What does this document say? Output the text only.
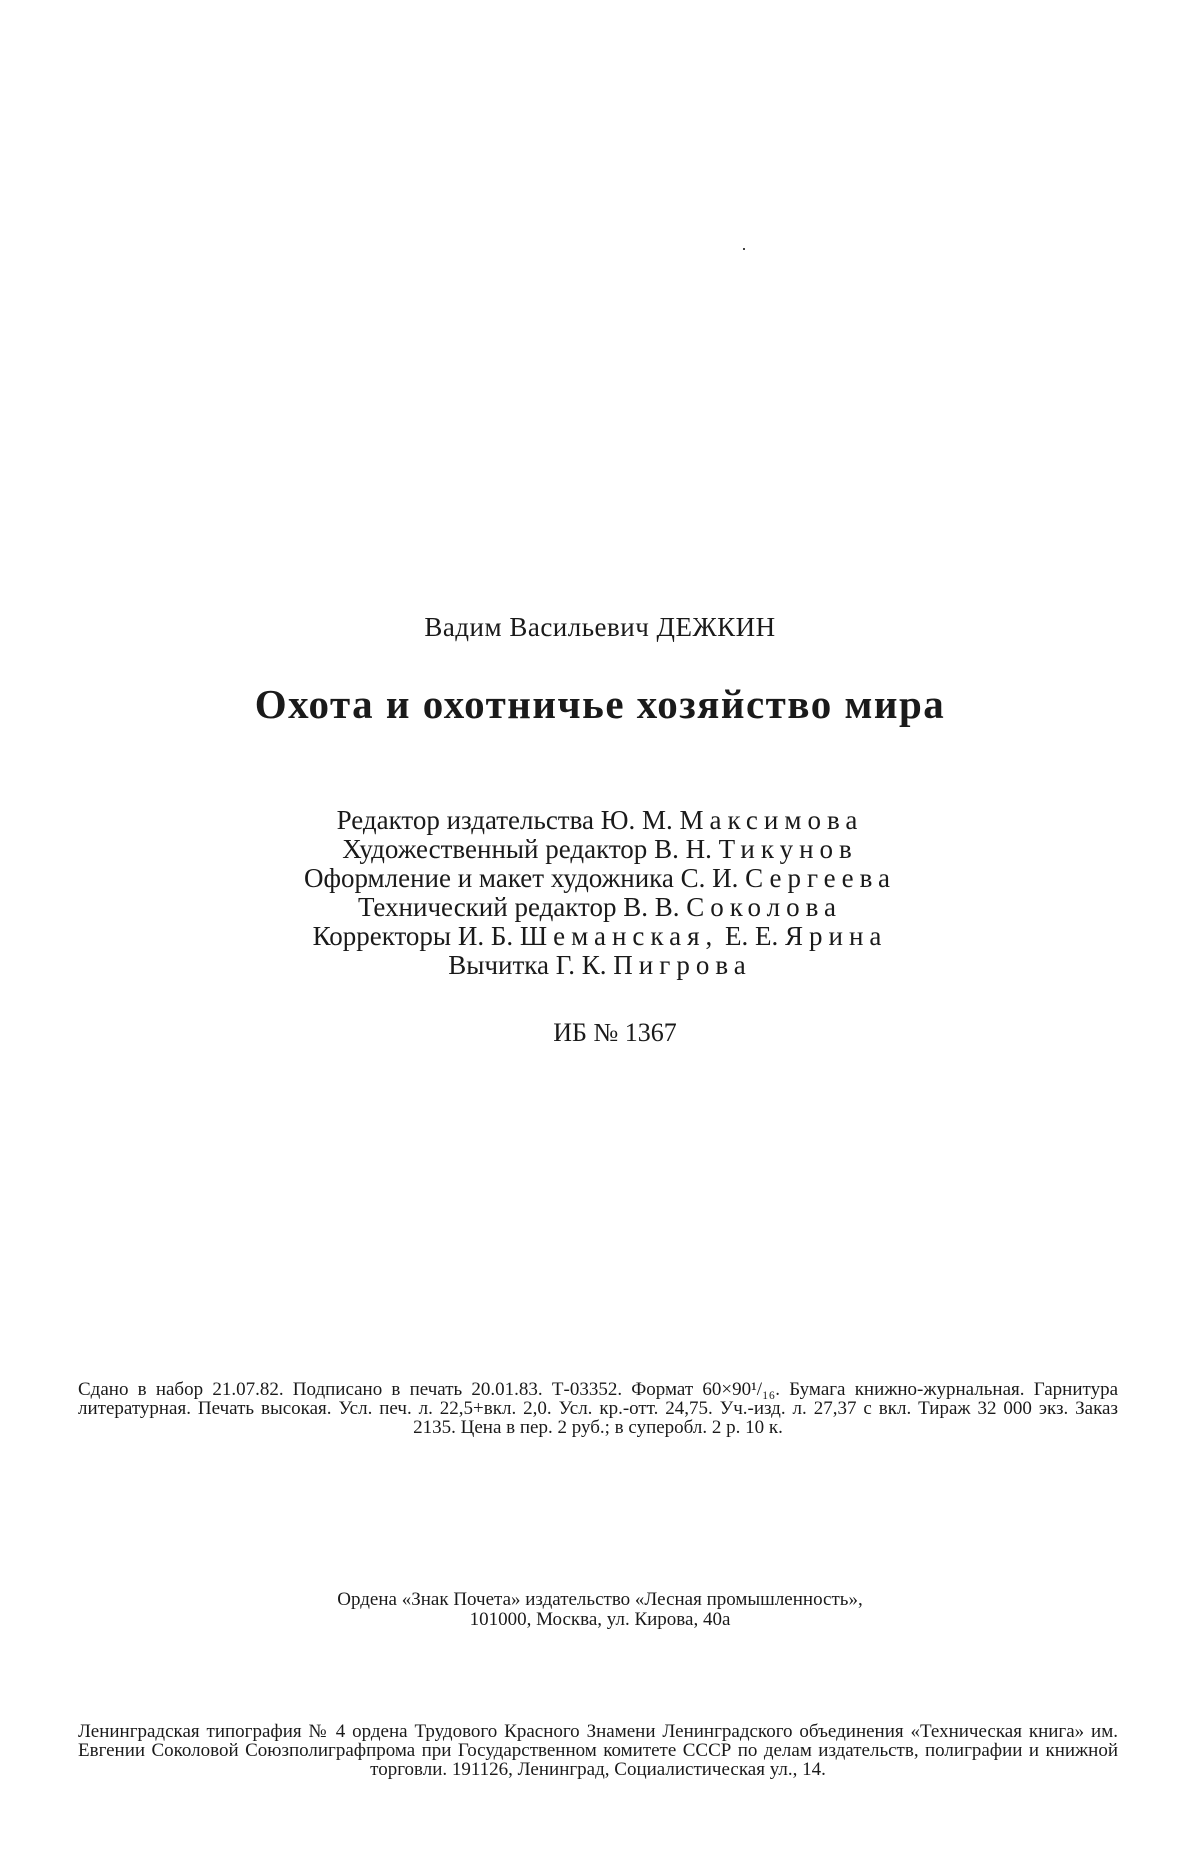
Вадим Васильевич ДЕЖКИН
Охота и охотничье хозяйство мира
Редактор издательства Ю. М. Максимова
Художественный редактор В. Н. Тикунов
Оформление и макет художника С. И. Сергеева
Технический редактор В. В. Соколова
Корректоры И. Б. Шеманская, Е. Е. Ярина
Вычитка Г. К. Пигрова
ИБ № 1367
Сдано в набор 21.07.82. Подписано в печать 20.01.83. Т-03352. Формат 60×90¹/₁₆. Бумага книжно-журнальная. Гарнитура литературная. Печать высокая. Усл. печ. л. 22,5+вкл. 2,0. Усл. кр.-отт. 24,75. Уч.-изд. л. 27,37 с вкл. Тираж 32 000 экз. Заказ 2135. Цена в пер. 2 руб.; в суперобл. 2 р. 10 к.
Ордена «Знак Почета» издательство «Лесная промышленность»,
101000, Москва, ул. Кирова, 40а
Ленинградская типография № 4 ордена Трудового Красного Знамени Ленинградского объединения «Техническая книга» им. Евгении Соколовой Союзполиграфпрома при Государственном комитете СССР по делам издательств, полиграфии и книжной торговли. 191126, Ленинград, Социалистическая ул., 14.
